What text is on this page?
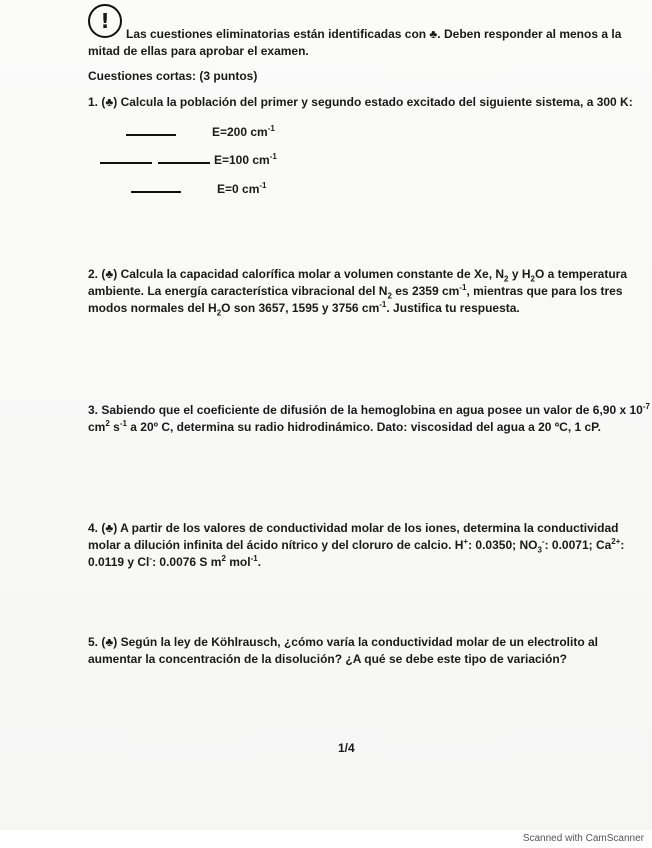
!
Las cuestiones eliminatorias están identificadas con ♣. Deben responder al menos a la
mitad de ellas para aprobar el examen.
Cuestiones cortas: (3 puntos)
1. (♣) Calcula la población del primer y segundo estado excitado del siguiente sistema, a 300 K:
E=200 $cm^{-1}$
E=100 $cm^{-1}$
E=0 $cm^{-1}$
2. (♣) Calcula la capacidad calorífica molar a volumen constante de Xe, $N_2$ y $H_2O$ a temperatura
ambiente. La energía característica vibracional del $N_2$ es 2359 $cm^{-1}$, mientras que para los tres
modos normales del $H_2O$ son 3657, 1595 y 3756 $cm^{-1}$. Justifica tu respuesta.
3. Sabiendo que el coeficiente de difusión de la hemoglobina en agua posee un valor de 6,90 x $10^{-7}$
$cm^2$ $s^{-1}$ a 20º C, determina su radio hidrodinámico. Dato: viscosidad del agua a 20 ºC, 1 cP.
4. (♣) A partir de los valores de conductividad molar de los iones, determina la conductividad
molar a dilución infinita del ácido nítrico y del cloruro de calcio. H+: 0.0350; $NO_3^-$: 0.0071; $Ca^{2+}$:
0.0119 y Cl-: 0.0076 S $m^2$ mol$^{-1}$.
5. (♣) Según la ley de Köhlrausch, ¿cómo varía la conductividad molar de un electrolito al
aumentar la concentración de la disolución? ¿A qué se debe este tipo de variación?
1/4
Scanned with CamScanner
